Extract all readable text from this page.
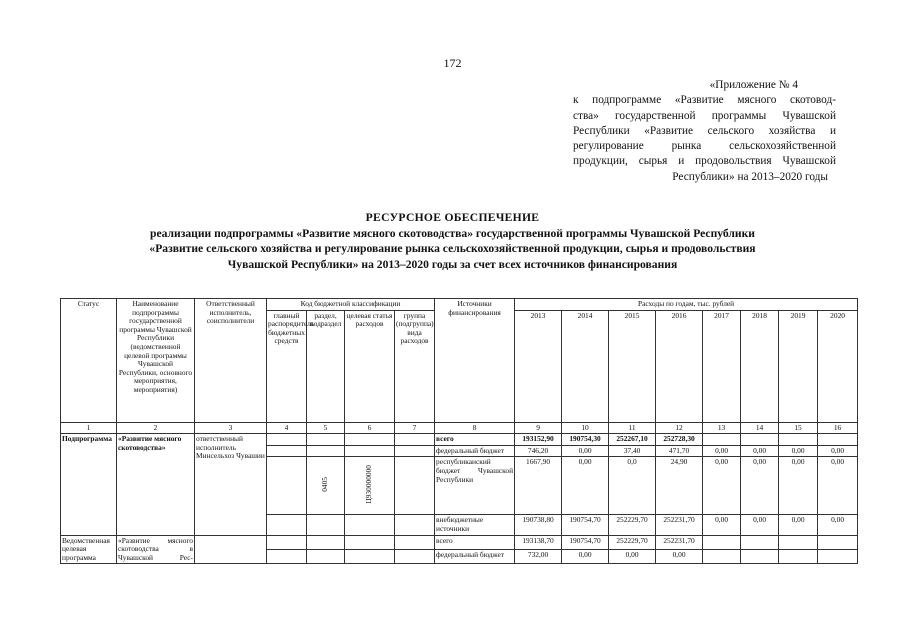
172
«Приложение № 4
к подпрограмме «Развитие мясного скотовод-
ства» государственной программы Чувашской
Республики «Развитие сельского хозяйства и
регулирование рынка сельскохозяйственной
продукции, сырья и продовольствия Чувашской
Республики» на 2013–2020 годы
РЕСУРСНОЕ ОБЕСПЕЧЕНИЕ
реализации подпрограммы «Развитие мясного скотоводства» государственной программы Чувашской Республики
«Развитие сельского хозяйства и регулирование рынка сельскохозяйственной продукции, сырья и продовольствия
Чувашской Республики» на 2013–2020 годы за счет всех источников финансирования
Статус	Наименование подпрограммы государственной программы Чувашской Республики (ведомственной целевой программы Чувашской Республики, основного мероприятия, мероприятия)	Ответственный исполнитель, соисполнители	Код бюджетной классификации				Источники финансирования	Расходы по годам, тыс. рублей							
			главный распорядитель бюджетных средств	раздел, подраздел	целевая статья расходов	группа (подгруппа) вида расходов		2013	2014	2015	2016	2017	2018	2019	2020
1	2	3	4	5	6	7	8	9	10	11	12	13	14	15	16
Подпрограмма	«Развитие мясного скотоводства»	ответственный исполнитель Минсельхоз Чувашии					всего	193152,90	190754,30	252267,10	252728,30				
							федеральный бюджет	746,20	0,00	37,40	471,70	0,00	0,00	0,00	0,00
				0405	Ц930000000		республиканский бюджет Чувашской Республики	1667,90	0,00	0,0	24,90	0,00	0,00	0,00	0,00
							внебюджетные источники	190738,80	190754,70	252229,70	252231,70	0,00	0,00	0,00	0,00
Ведомственная целевая программа	«Развитие мясного скотоводства в Чувашской Рес-						всего	193138,70	190754,70	252229,70	252231,70				
							федеральный бюджет	732,00	0,00	0,00	0,00				
